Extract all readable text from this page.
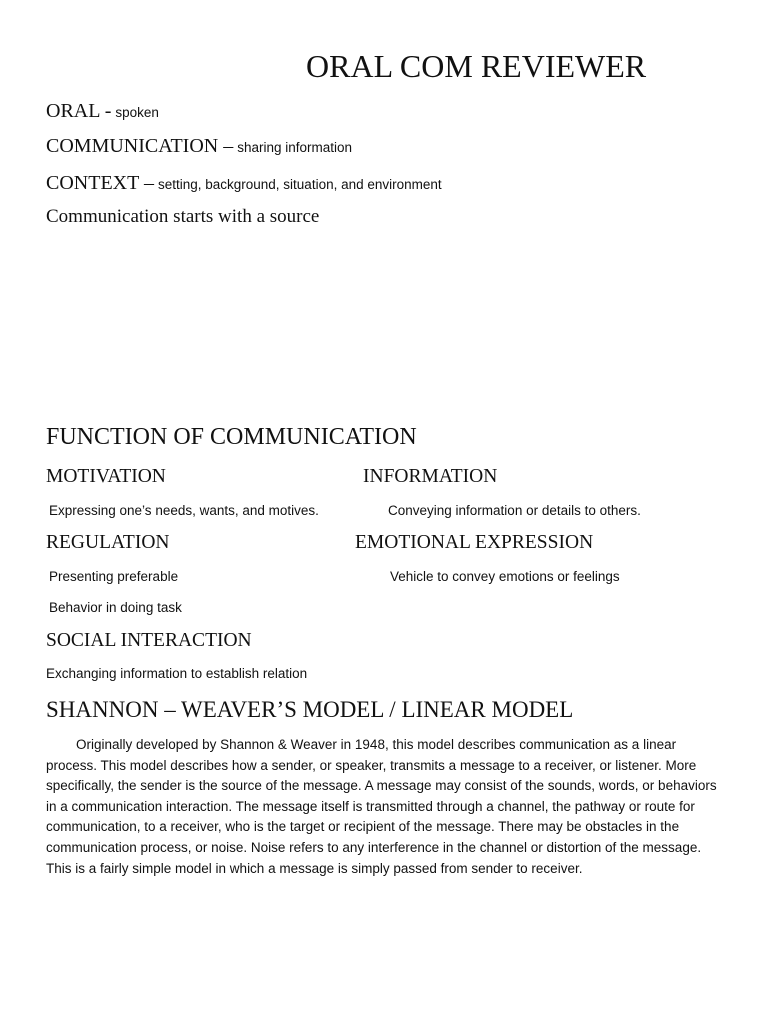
ORAL COM REVIEWER
ORAL - spoken
COMMUNICATION – sharing information
CONTEXT – setting, background, situation, and environment
Communication starts with a source
FUNCTION OF COMMUNICATION
MOTIVATION
Expressing one’s needs, wants, and motives.
INFORMATION
Conveying information or details to others.
REGULATION
Presenting preferable
Behavior in doing task
EMOTIONAL EXPRESSION
Vehicle to convey emotions or feelings
SOCIAL INTERACTION
Exchanging information to establish relation
SHANNON – WEAVER’S MODEL / LINEAR MODEL

Originally developed by Shannon & Weaver in 1948, this model describes communication as a linear process. This model describes how a sender, or speaker, transmits a message to a receiver, or listener. More specifically, the sender is the source of the message. A message may consist of the sounds, words, or behaviors in a communication interaction. The message itself is transmitted through a channel, the pathway or route for communication, to a receiver, who is the target or recipient of the message. There may be obstacles in the communication process, or noise. Noise refers to any interference in the channel or distortion of the message. This is a fairly simple model in which a message is simply passed from sender to receiver.
